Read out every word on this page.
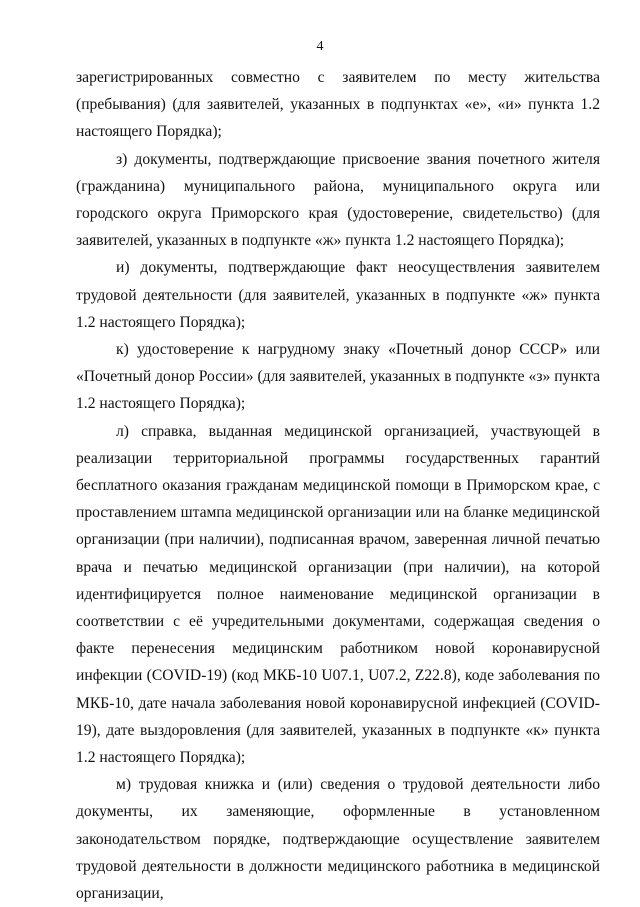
4

зарегистрированных совместно с заявителем по месту жительства (пребывания) (для заявителей, указанных в подпунктах «е», «и» пункта 1.2 настоящего Порядка);

з) документы, подтверждающие присвоение звания почетного жителя (гражданина) муниципального района, муниципального округа или городского округа Приморского края (удостоверение, свидетельство) (для заявителей, указанных в подпункте «ж» пункта 1.2 настоящего Порядка);

и) документы, подтверждающие факт неосуществления заявителем трудовой деятельности (для заявителей, указанных в подпункте «ж» пункта 1.2 настоящего Порядка);

к) удостоверение к нагрудному знаку «Почетный донор СССР» или «Почетный донор России» (для заявителей, указанных в подпункте «з» пункта 1.2 настоящего Порядка);

л) справка, выданная медицинской организацией, участвующей в реализации территориальной программы государственных гарантий бесплатного оказания гражданам медицинской помощи в Приморском крае, с проставлением штампа медицинской организации или на бланке медицинской организации (при наличии), подписанная врачом, заверенная личной печатью врача и печатью медицинской организации (при наличии), на которой идентифицируется полное наименование медицинской организации в соответствии с её учредительными документами, содержащая сведения о факте перенесения медицинским работником новой коронавирусной инфекции (COVID-19) (код МКБ-10 U07.1, U07.2, Z22.8), коде заболевания по МКБ-10, дате начала заболевания новой коронавирусной инфекцией (COVID-19), дате выздоровления (для заявителей, указанных в подпункте «к» пункта 1.2 настоящего Порядка);

м) трудовая книжка и (или) сведения о трудовой деятельности либо документы, их заменяющие, оформленные в установленном законодательством порядке, подтверждающие осуществление заявителем трудовой деятельности в должности медицинского работника в медицинской организации,
